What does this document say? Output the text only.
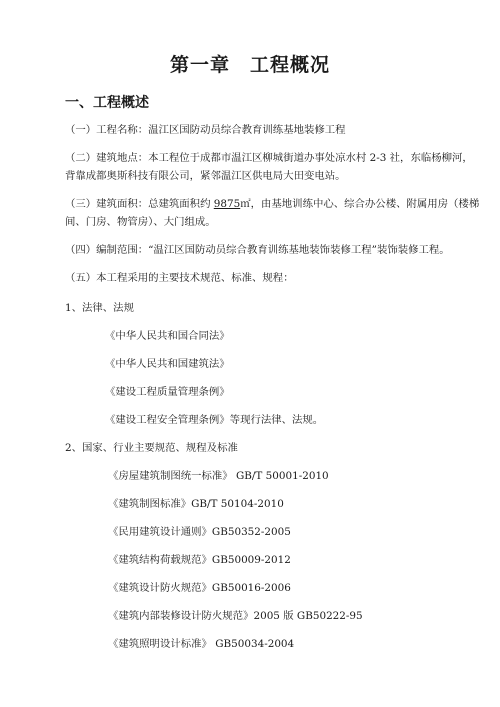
第一章　工程概况
一、工程概述
（一）工程名称：温江区国防动员综合教育训练基地装修工程
（二）建筑地点：本工程位于成都市温江区柳城街道办事处凉水村 2-3 社，东临杨柳河，
背靠成都奥斯科技有限公司，紧邻温江区供电局大田变电站。
（三）建筑面积：总建筑面积约 9875㎡，由基地训练中心、综合办公楼、附属用房（楼梯
间、门房、物管房）、大门组成。
（四）编制范围：“温江区国防动员综合教育训练基地装饰装修工程”装饰装修工程。
（五）本工程采用的主要技术规范、标准、规程：
1、法律、法规
《中华人民共和国合同法》
《中华人民共和国建筑法》
《建设工程质量管理条例》
《建设工程安全管理条例》等现行法律、法规。
2、国家、行业主要规范、规程及标准
《房屋建筑制图统一标准》 GB/T 50001-2010
《建筑制图标准》GB/T 50104-2010
《民用建筑设计通则》GB50352-2005
《建筑结构荷载规范》GB50009-2012
《建筑设计防火规范》GB50016-2006
《建筑内部装修设计防火规范》2005 版 GB50222-95
《建筑照明设计标准》 GB50034-2004
